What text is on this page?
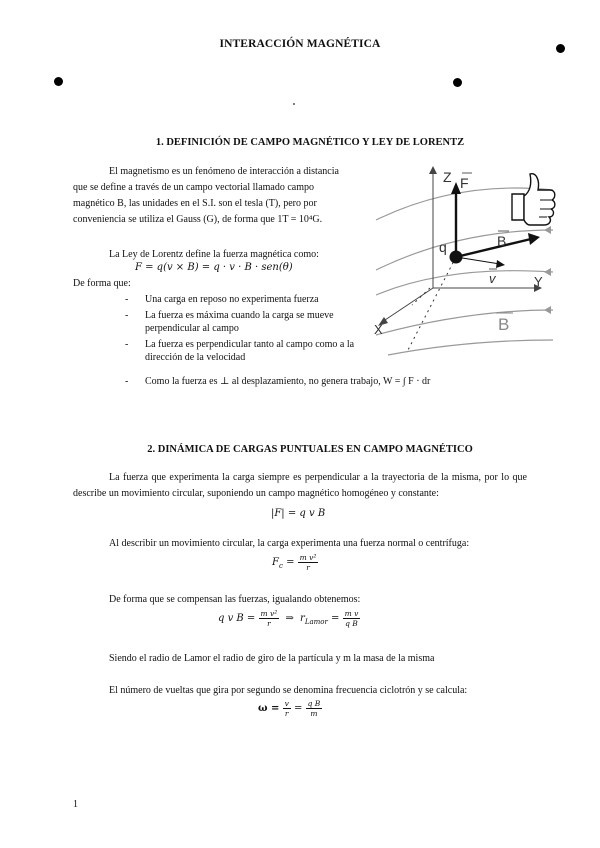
INTERACCIÓN MAGNÉTICA
1. DEFINICIÓN DE CAMPO MAGNÉTICO Y LEY DE LORENTZ
El magnetismo es un fenómeno de interacción a distancia
que se define a través de un campo vectorial llamado campo
magnético B, las unidades en el S.I. son el tesla (T), pero por
conveniencia se utiliza el Gauss (G), de forma que 1T = 10⁴G.
La Ley de Lorentz define la fuerza magnética como:
F = q(v × B) = q · v · B · sen(θ)
De forma que:
-	Una carga en reposo no experimenta fuerza
-	La fuerza es máxima cuando la carga se mueve perpendicular al campo
-	La fuerza es perpendicular tanto al campo como a la dirección de la velocidad
-	Como la fuerza es ⊥ al desplazamiento, no genera trabajo, W = ∫ F · dr
Z F
B
q
v	Y
X	B
2. DINÁMICA DE CARGAS PUNTUALES EN CAMPO MAGNÉTICO
La fuerza que experimenta la carga siempre es perpendicular a la trayectoria de la misma, por lo que describe un movimiento circular, suponiendo un campo magnético homogéneo y constante:
|F| = q v B
Al describir un movimiento circular, la carga experimenta una fuerza normal o centrífuga:
$F_c = \frac{\text{m v²}}{r}$
De forma que se compensan las fuerzas, igualando obtenemos:
q v $B = \frac{\text{m v²}}{r}$ ⇒ $r_{Lamor} = \frac{\text{m v}}{\text{q B}}$
Siendo el radio de Lamor el radio de giro de la partícula y m la masa de la misma
El número de vueltas que gira por segundo se denomina frecuencia ciclotrón y se calcula:
$\omega = \frac{v}{r} = \frac{\text{q B}}{m}$
1
